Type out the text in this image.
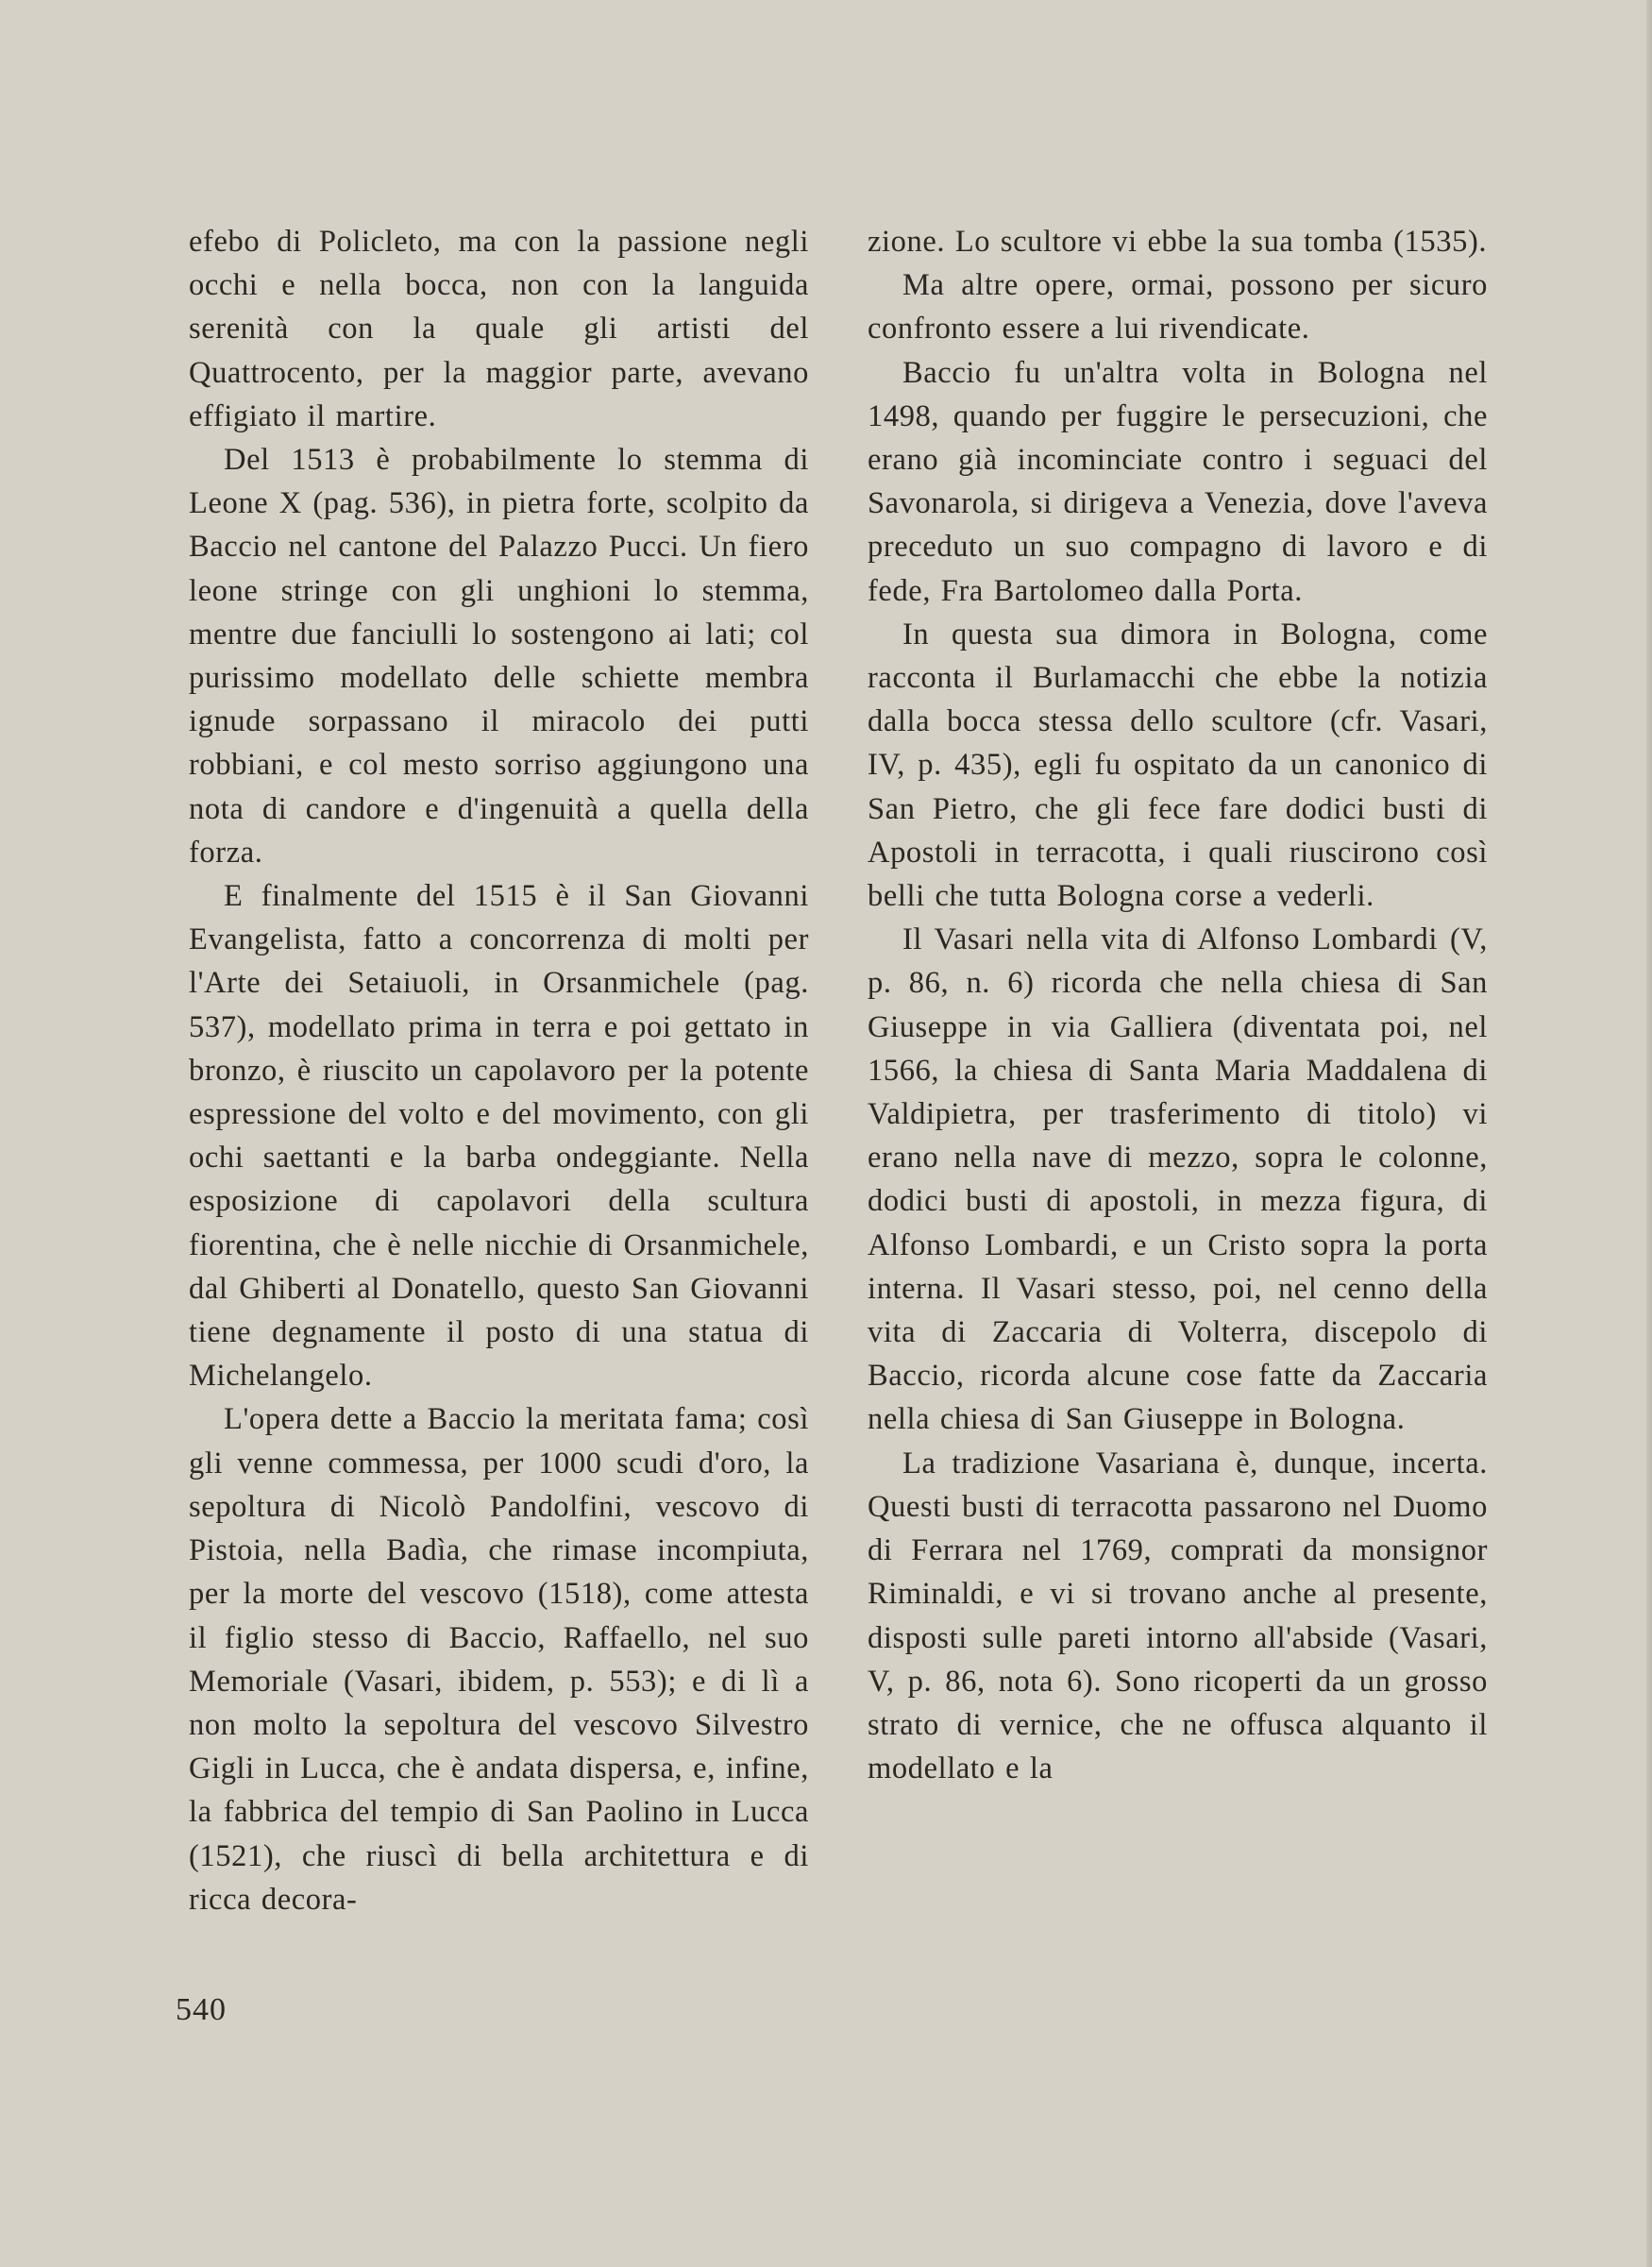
efebo di Policleto, ma con la passione negli occhi e nella bocca, non con la languida serenità con la quale gli artisti del Quattrocento, per la maggior parte, avevano effigiato il martire.

Del 1513 è probabilmente lo stemma di Leone X (pag. 536), in pietra forte, scolpito da Baccio nel cantone del Palazzo Pucci. Un fiero leone stringe con gli unghioni lo stemma, mentre due fanciulli lo sostengono ai lati; col purissimo modellato delle schiette membra ignude sorpassano il miracolo dei putti robbiani, e col mesto sorriso aggiungono una nota di candore e d'ingenuità a quella della forza.

E finalmente del 1515 è il San Giovanni Evangelista, fatto a concorrenza di molti per l'Arte dei Setaiuoli, in Orsanmichele (pag. 537), modellato prima in terra e poi gettato in bronzo, è riuscito un capolavoro per la potente espressione del volto e del movimento, con gli ochi saettanti e la barba ondeggiante. Nella esposizione di capolavori della scultura fiorentina, che è nelle nicchie di Orsanmichele, dal Ghiberti al Donatello, questo San Giovanni tiene degnamente il posto di una statua di Michelangelo.

L'opera dette a Baccio la meritata fama; così gli venne commessa, per 1000 scudi d'oro, la sepoltura di Nicolò Pandolfini, vescovo di Pistoia, nella Badìa, che rimase incompiuta, per la morte del vescovo (1518), come attesta il figlio stesso di Baccio, Raffaello, nel suo Memoriale (Vasari, ibidem, p. 553); e di lì a non molto la sepoltura del vescovo Silvestro Gigli in Lucca, che è andata dispersa, e, infine, la fabbrica del tempio di San Paolino in Lucca (1521), che riuscì di bella architettura e di ricca decora-

zione. Lo scultore vi ebbe la sua tomba (1535).

Ma altre opere, ormai, possono per sicuro confronto essere a lui rivendicate.

Baccio fu un'altra volta in Bologna nel 1498, quando per fuggire le persecuzioni, che erano già incominciate contro i seguaci del Savonarola, si dirigeva a Venezia, dove l'aveva preceduto un suo compagno di lavoro e di fede, Fra Bartolomeo dalla Porta.

In questa sua dimora in Bologna, come racconta il Burlamacchi che ebbe la notizia dalla bocca stessa dello scultore (cfr. Vasari, IV, p. 435), egli fu ospitato da un canonico di San Pietro, che gli fece fare dodici busti di Apostoli in terracotta, i quali riuscirono così belli che tutta Bologna corse a vederli.

Il Vasari nella vita di Alfonso Lombardi (V, p. 86, n. 6) ricorda che nella chiesa di San Giuseppe in via Galliera (diventata poi, nel 1566, la chiesa di Santa Maria Maddalena di Valdipietra, per trasferimento di titolo) vi erano nella nave di mezzo, sopra le colonne, dodici busti di apostoli, in mezza figura, di Alfonso Lombardi, e un Cristo sopra la porta interna. Il Vasari stesso, poi, nel cenno della vita di Zaccaria di Volterra, discepolo di Baccio, ricorda alcune cose fatte da Zaccaria nella chiesa di San Giuseppe in Bologna.

La tradizione Vasariana è, dunque, incerta. Questi busti di terracotta passarono nel Duomo di Ferrara nel 1769, comprati da monsignor Riminaldi, e vi si trovano anche al presente, disposti sulle pareti intorno all'abside (Vasari, V, p. 86, nota 6). Sono ricoperti da un grosso strato di vernice, che ne offusca alquanto il modellato e la

540
